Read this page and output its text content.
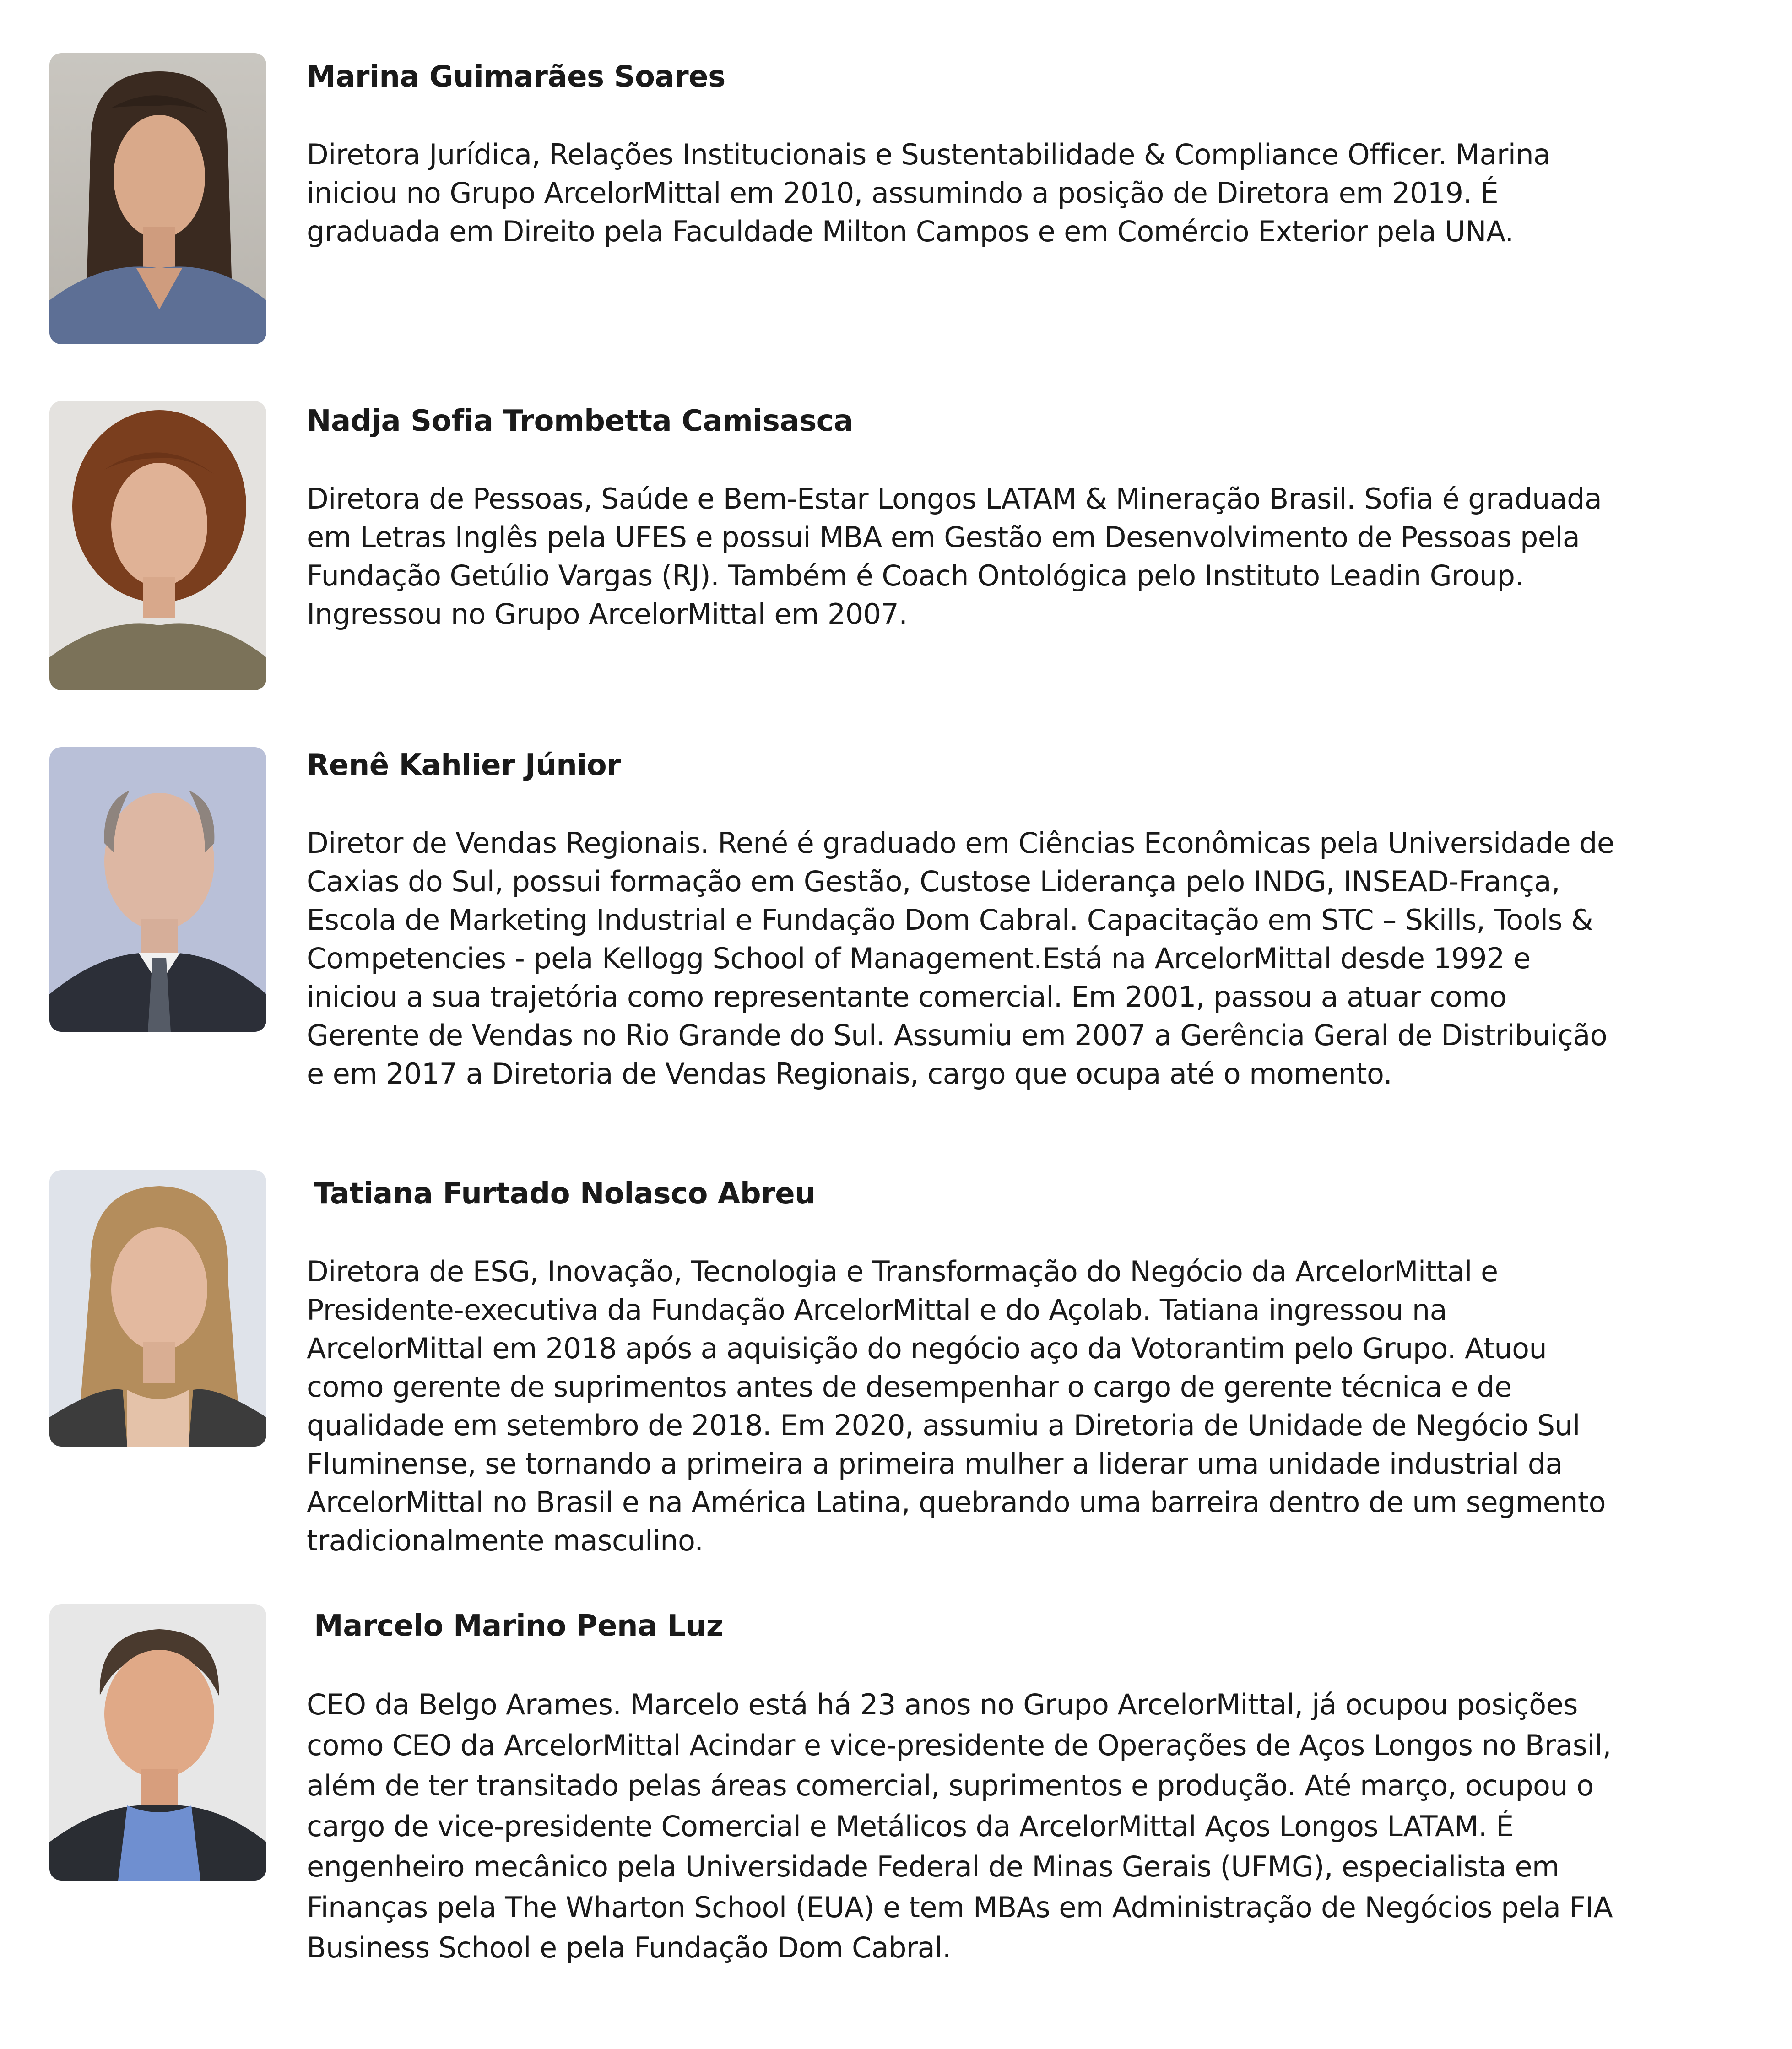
Marina Guimarães Soares

Diretora Jurídica, Relações Institucionais e Sustentabilidade & Compliance Officer. Marina iniciou no Grupo ArcelorMittal em 2010, assumindo a posição de Diretora em 2019. É graduada em Direito pela Faculdade Milton Campos e em Comércio Exterior pela UNA.

Nadja Sofia Trombetta Camisasca

Diretora de Pessoas, Saúde e Bem-Estar Longos LATAM & Mineração Brasil. Sofia é graduada em Letras Inglês pela UFES e possui MBA em Gestão em Desenvolvimento de Pessoas pela Fundação Getúlio Vargas (RJ). Também é Coach Ontológica pelo Instituto Leadin Group. Ingressou no Grupo ArcelorMittal em 2007.

Renê Kahlier Júnior

Diretor de Vendas Regionais. René é graduado em Ciências Econômicas pela Universidade de Caxias do Sul, possui formação em Gestão, Custose Liderança pelo INDG, INSEAD-França, Escola de Marketing Industrial e Fundação Dom Cabral. Capacitação em STC – Skills, Tools & Competencies - pela Kellogg School of Management.Está na ArcelorMittal desde 1992 e iniciou a sua trajetória como representante comercial. Em 2001, passou a atuar como Gerente de Vendas no Rio Grande do Sul. Assumiu em 2007 a Gerência Geral de Distribuição e em 2017 a Diretoria de Vendas Regionais, cargo que ocupa até o momento.

Tatiana Furtado Nolasco Abreu

Diretora de ESG, Inovação, Tecnologia e Transformação do Negócio da ArcelorMittal e Presidente-executiva da Fundação ArcelorMittal e do Açolab. Tatiana ingressou na ArcelorMittal em 2018 após a aquisição do negócio aço da Votorantim pelo Grupo. Atuou como gerente de suprimentos antes de desempenhar o cargo de gerente técnica e de qualidade em setembro de 2018. Em 2020, assumiu a Diretoria de Unidade de Negócio Sul Fluminense, se tornando a primeira a primeira mulher a liderar uma unidade industrial da ArcelorMittal no Brasil e na América Latina, quebrando uma barreira dentro de um segmento tradicionalmente masculino.

Marcelo Marino Pena Luz

CEO da Belgo Arames. Marcelo está há 23 anos no Grupo ArcelorMittal, já ocupou posições como CEO da ArcelorMittal Acindar e vice-presidente de Operações de Aços Longos no Brasil, além de ter transitado pelas áreas comercial, suprimentos e produção. Até março, ocupou o cargo de vice-presidente Comercial e Metálicos da ArcelorMittal Aços Longos LATAM. É engenheiro mecânico pela Universidade Federal de Minas Gerais (UFMG), especialista em Finanças pela The Wharton School (EUA) e tem MBAs em Administração de Negócios pela FIA Business School e pela Fundação Dom Cabral.
